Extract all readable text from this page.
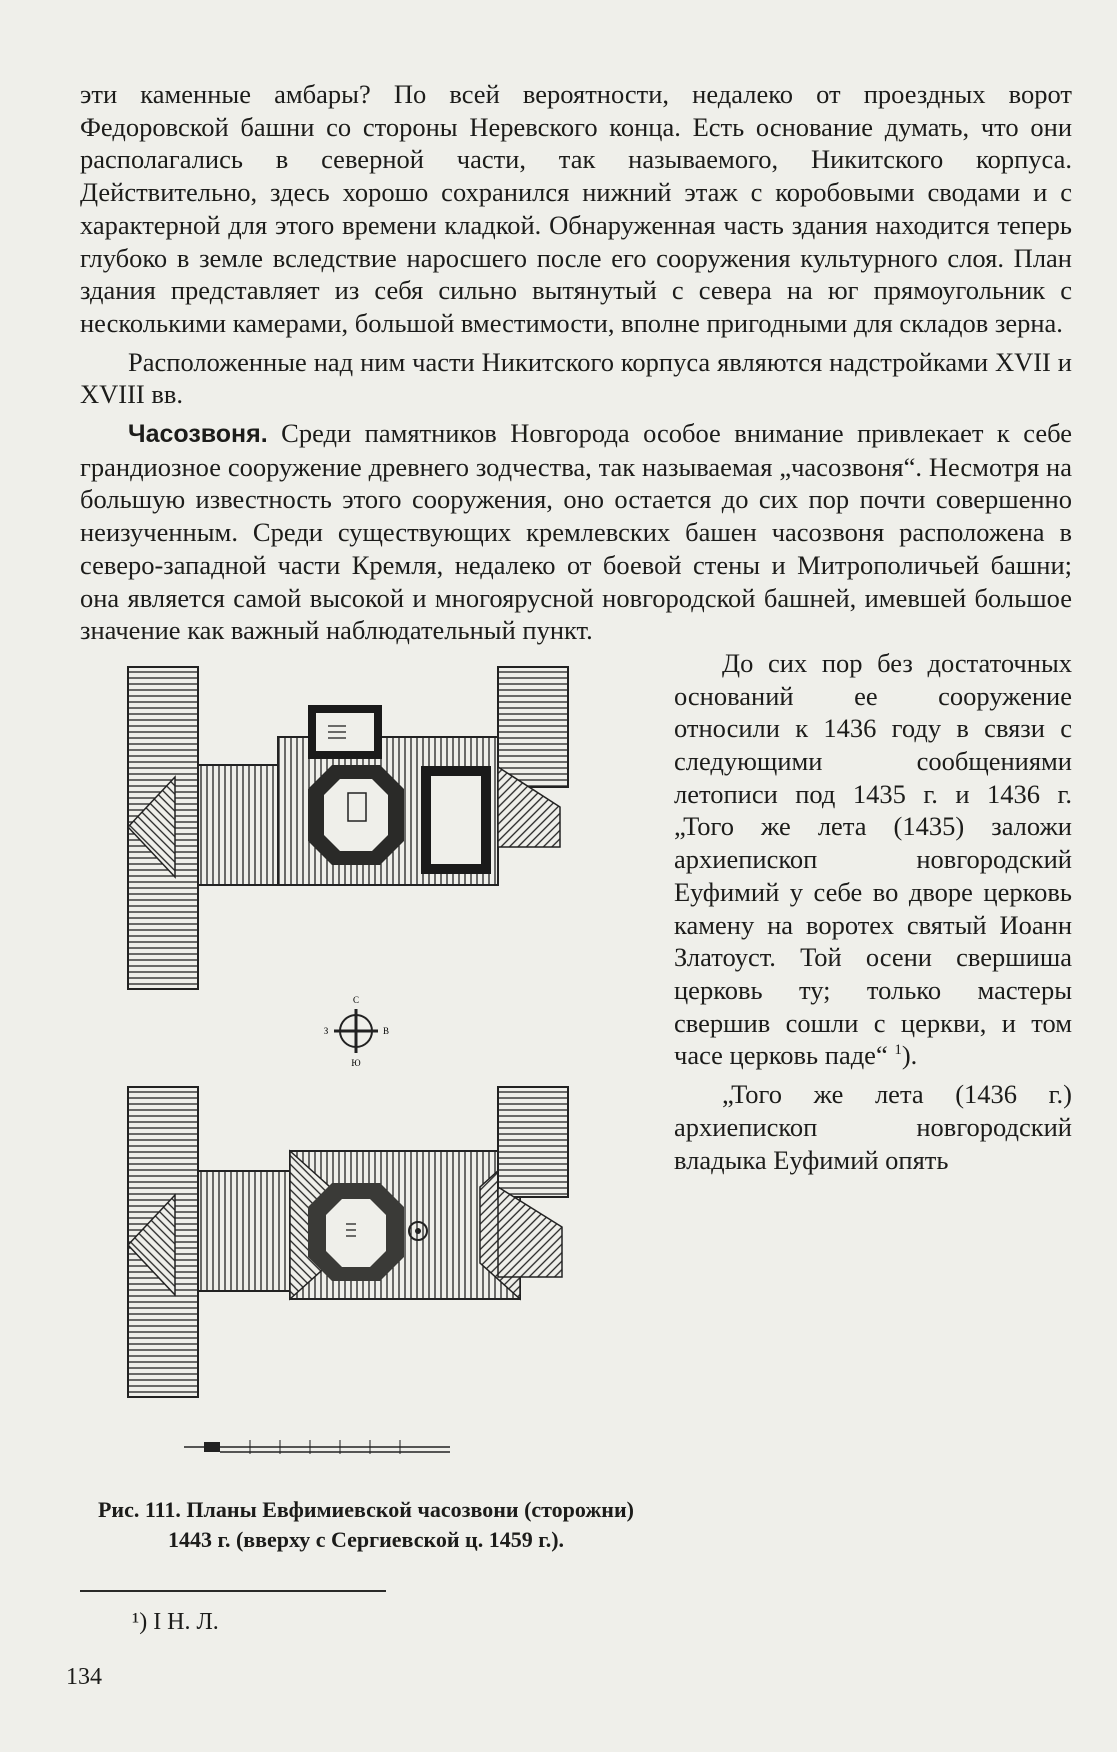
эти каменные амбары? По всей вероятности, недалеко от проездных ворот Федоровской башни со стороны Неревского конца. Есть основание думать, что они располагались в северной части, так называемого, Никитского корпуса. Действительно, здесь хорошо сохранился нижний этаж с коробовыми сводами и с характерной для этого времени кладкой. Обнаруженная часть здания находится теперь глубоко в земле вследствие наросшего после его сооружения культурного слоя. План здания представляет из себя сильно вытянутый с севера на юг прямоугольник с несколькими камерами, большой вместимости, вполне пригодными для складов зерна.

Расположенные над ним части Никитского корпуса являются надстройками XVII и XVIII вв.

Часозвоня. Среди памятников Новгорода особое внимание привлекает к себе грандиозное сооружение древнего зодчества, так называемая „часозвоня“. Несмотря на большую известность этого сооружения, оно остается до сих пор почти совершенно неизученным. Среди существующих кремлевских башен часозвоня расположена в северо-западной части Кремля, недалеко от боевой стены и Митрополичьей башни; она является самой высокой и многоярусной новгородской башней, имевшей большое значение как важный наблюдательный пункт.

С
Ю
В
З
Рис. 111. Планы Евфимиевской часозвони (сторожни) 1443 г. (вверху с Сергиевской ц. 1459 г.).

До сих пор без достаточных оснований ее сооружение относили к 1436 году в связи с следующими сообщениями летописи под 1435 г. и 1436 г. „Того же лета (1435) заложи архиепископ новгородский Еуфимий у себе во дворе церковь камену на воротех святый Иоанн Златоуст. Той осени свершиша церковь ту; только мастеры свершив сошли с церкви, и том часе церковь паде“ $^1$).

„Того же лета (1436 г.) архиепископ новгородский владыка Еуфимий опять

¹) I Н. Л.
134
